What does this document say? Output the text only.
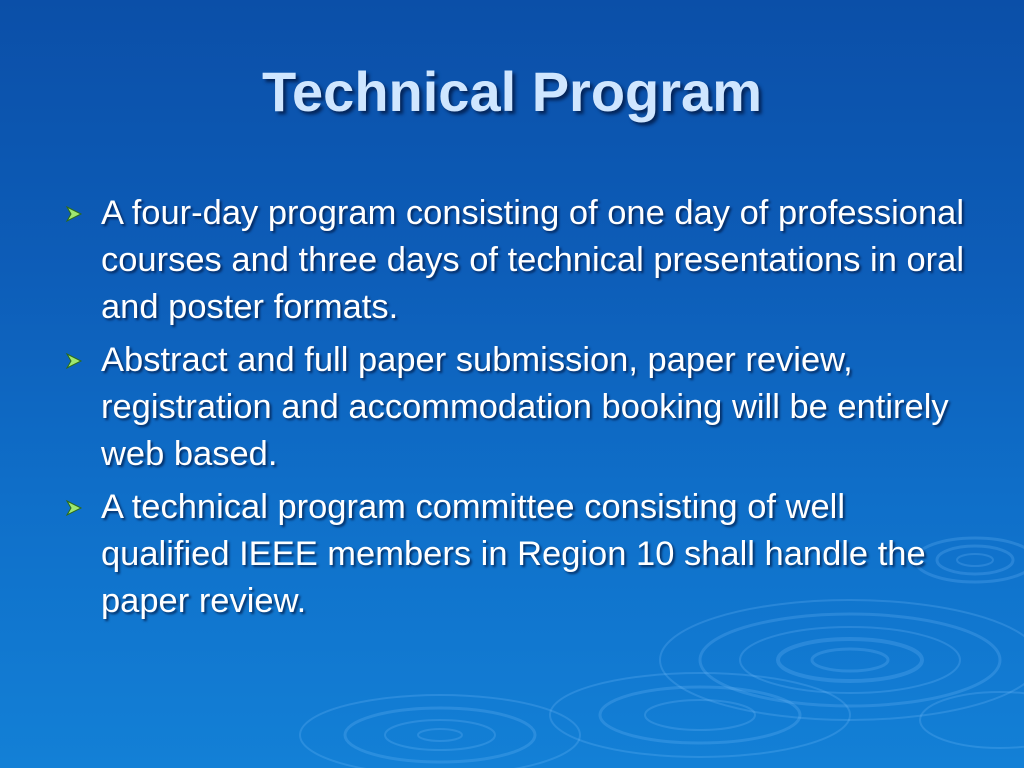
Technical Program
A four-day program consisting of one day of professional courses and three days of technical presentations in oral and poster formats.
Abstract and full paper submission, paper review, registration and accommodation booking will be entirely web based.
A technical program committee consisting of well qualified IEEE members in Region 10 shall handle the paper review.
